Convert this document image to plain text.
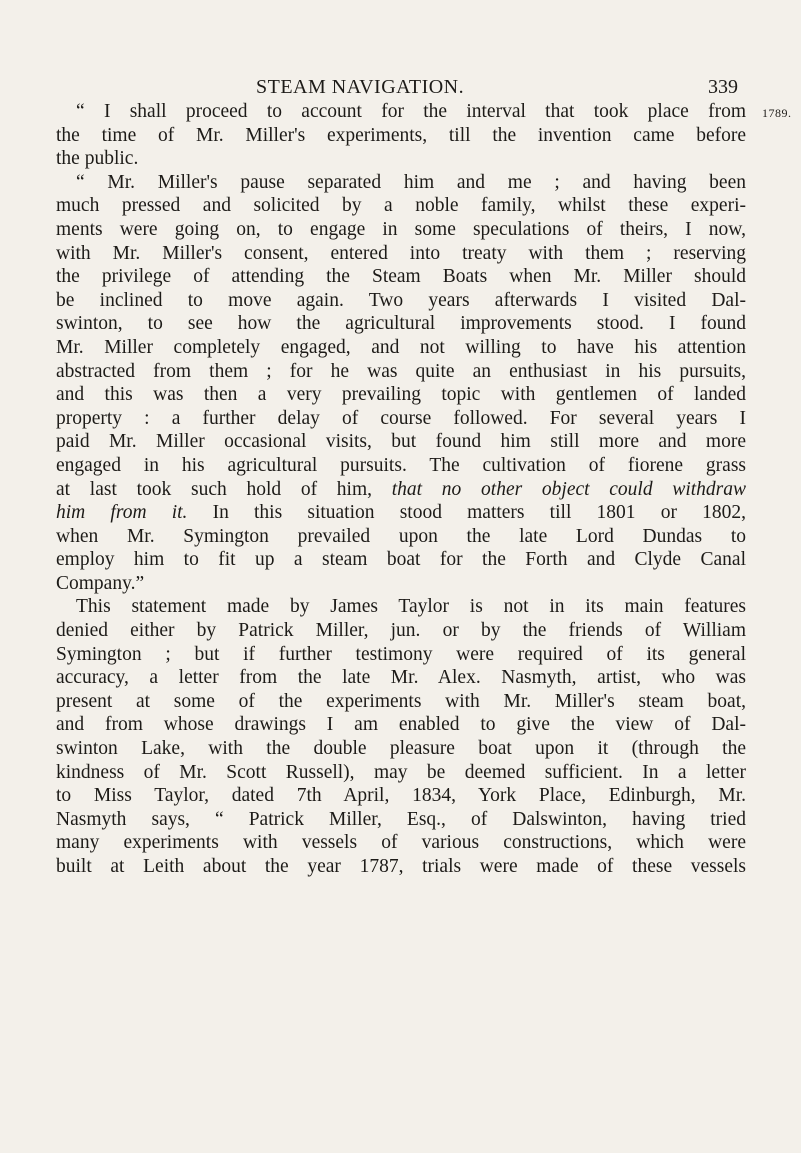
STEAM NAVIGATION.	339
1789.
“ I shall proceed to account for the interval that took place from
the time of Mr. Miller's experiments, till the invention came before
the public.
“ Mr. Miller's pause separated him and me ; and having been
much pressed and solicited by a noble family, whilst these experi-
ments were going on, to engage in some speculations of theirs, I now,
with Mr. Miller's consent, entered into treaty with them ; reserving
the privilege of attending the Steam Boats when Mr. Miller should
be inclined to move again. Two years afterwards I visited Dal-
swinton, to see how the agricultural improvements stood. I found
Mr. Miller completely engaged, and not willing to have his attention
abstracted from them ; for he was quite an enthusiast in his pursuits,
and this was then a very prevailing topic with gentlemen of landed
property : a further delay of course followed. For several years I
paid Mr. Miller occasional visits, but found him still more and more
engaged in his agricultural pursuits. The cultivation of fiorene grass
at last took such hold of him, that no other object could withdraw
him from it. In this situation stood matters till 1801 or 1802,
when Mr. Symington prevailed upon the late Lord Dundas to
employ him to fit up a steam boat for the Forth and Clyde Canal
Company.”
This statement made by James Taylor is not in its main features
denied either by Patrick Miller, jun. or by the friends of William
Symington ; but if further testimony were required of its general
accuracy, a letter from the late Mr. Alex. Nasmyth, artist, who was
present at some of the experiments with Mr. Miller's steam boat,
and from whose drawings I am enabled to give the view of Dal-
swinton Lake, with the double pleasure boat upon it (through the
kindness of Mr. Scott Russell), may be deemed sufficient. In a letter
to Miss Taylor, dated 7th April, 1834, York Place, Edinburgh, Mr.
Nasmyth says, “ Patrick Miller, Esq., of Dalswinton, having tried
many experiments with vessels of various constructions, which were
built at Leith about the year 1787, trials were made of these vessels
